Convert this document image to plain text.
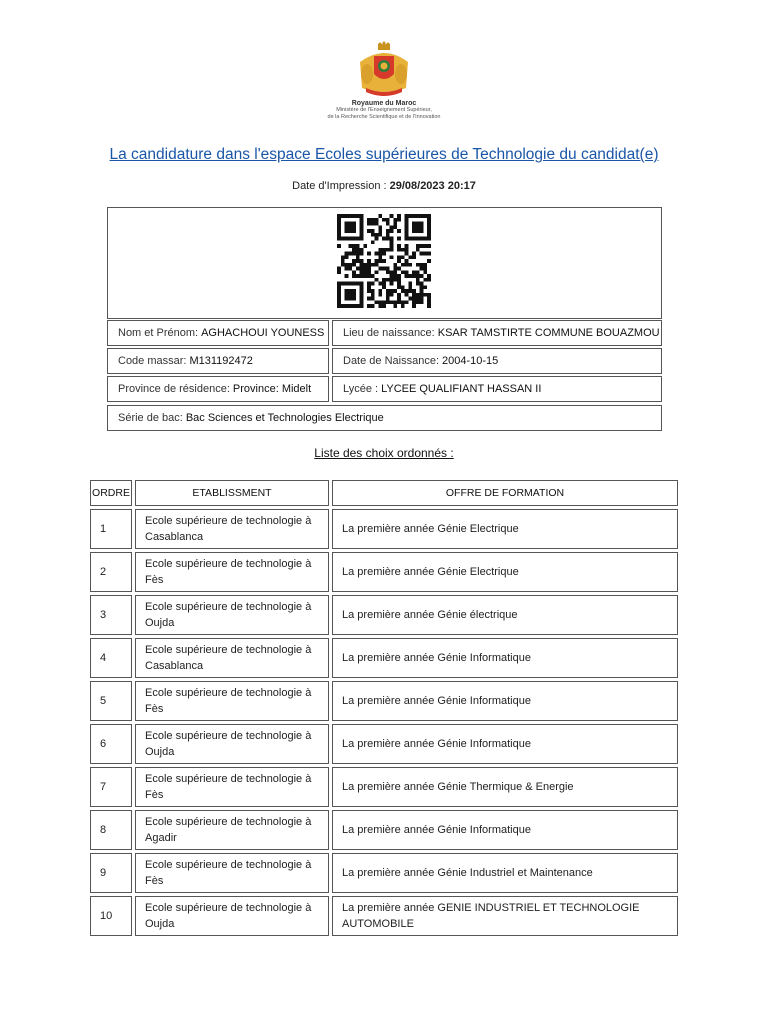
Royaume du Maroc
Ministère de l'Enseignement Supérieur,
de la Recherche Scientifique et de l'Innovation
La candidature dans l'espace Ecoles supérieures de Technologie du candidat(e)
Date d'Impression : 29/08/2023 20:17
Nom et Prénom: AGHACHOUI YOUNESS Lieu de naissance: KSAR TAMSTIRTE COMMUNE BOUAZMOU
Code massar: M131192472	Date de Naissance: 2004-10-15
Province de résidence: Province: Midelt	Lycée : LYCEE QUALIFIANT HASSAN II
Série de bac: Bac Sciences et Technologies Electrique
Liste des choix ordonnés :
ORDRE	ETABLISSMENT	OFFRE DE FORMATION
1	Ecole supérieure de technologie à Casablanca	La première année Génie Electrique
2	Ecole supérieure de technologie à Fès	La première année Génie Electrique
3	Ecole supérieure de technologie à Oujda	La première année Génie électrique
4	Ecole supérieure de technologie à Casablanca	La première année Génie Informatique
5	Ecole supérieure de technologie à Fès	La première année Génie Informatique
6	Ecole supérieure de technologie à Oujda	La première année Génie Informatique
7	Ecole supérieure de technologie à Fès	La première année Génie Thermique & Energie
8	Ecole supérieure de technologie à Agadir	La première année Génie Informatique
9	Ecole supérieure de technologie à Fès	La première année Génie Industriel et Maintenance
10	Ecole supérieure de technologie à Oujda	La première année GENIE INDUSTRIEL ET TECHNOLOGIE AUTOMOBILE
